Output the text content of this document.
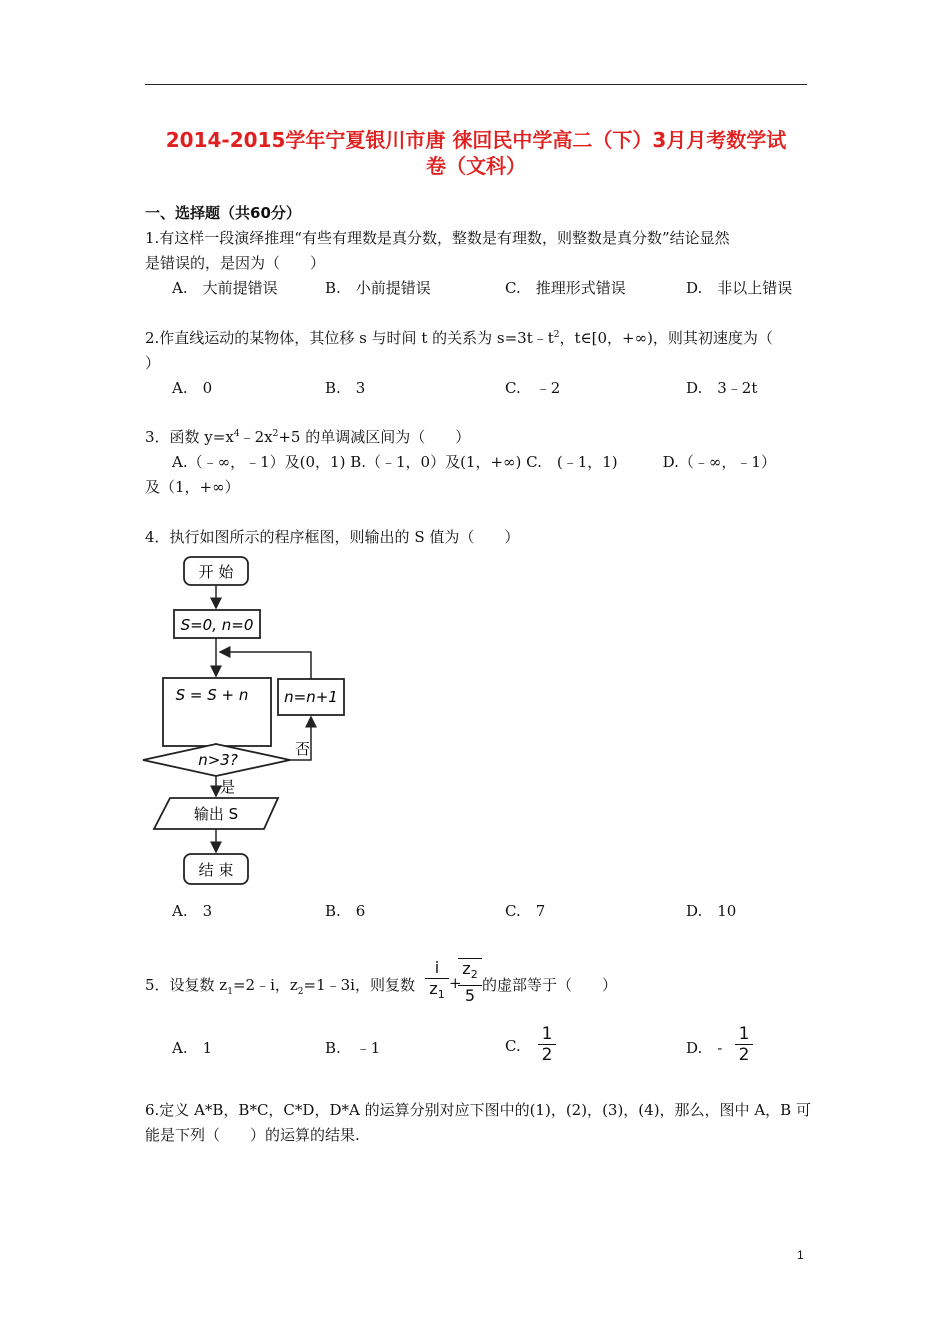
2014-2015学年宁夏银川市唐 徕回民中学高二（下）3月月考数学试
卷（文科）
一、选择题（共60分）
1.有这样一段演绎推理“有些有理数是真分数，整数是有理数，则整数是真分数”结论显然
是错误的，是因为（　　）
A.　大前提错误	B.　小前提错误	C.　推理形式错误	D.　非以上错误
2.作直线运动的某物体，其位移 s 与时间 t 的关系为 $s=3t﹣t^2$，t∈[0，+∞)，则其初速度为（
）
A.　0	B.　3	C.　﹣2	D.　3﹣2t
3．函数 $y=x^4﹣2x^2+5$ 的单调减区间为（　　）
A.（﹣∞，﹣1）及(0，1) B.（﹣1，0）及(1，+∞) C.　(﹣1，1)　　　D.（﹣∞，﹣1）
及（1，+∞）
4．执行如图所示的程序框图，则输出的 S 值为（　　）
开 始
S=0, n=0
S = S + n n=n+1
n>3?
否
是
输出 S
结 束
A.　3	B.　6	C.　7	D.　10
5．设复数 $z_1=2﹣i$，$z_2=1﹣3i$，则复数 $\frac{i}{z_1}$ +
$\frac{z_2}{5}$ 的虚部等于（　　）
A.　1	B.　﹣1	C. $\frac{1}{2}$	D.　- $\frac{1}{2}$
6.定义 A*B，B*C，C*D，D*A 的运算分别对应下图中的(1)，(2)，(3)，(4)，那么，图中 A，B 可
能是下列（　　）的运算的结果.
1
